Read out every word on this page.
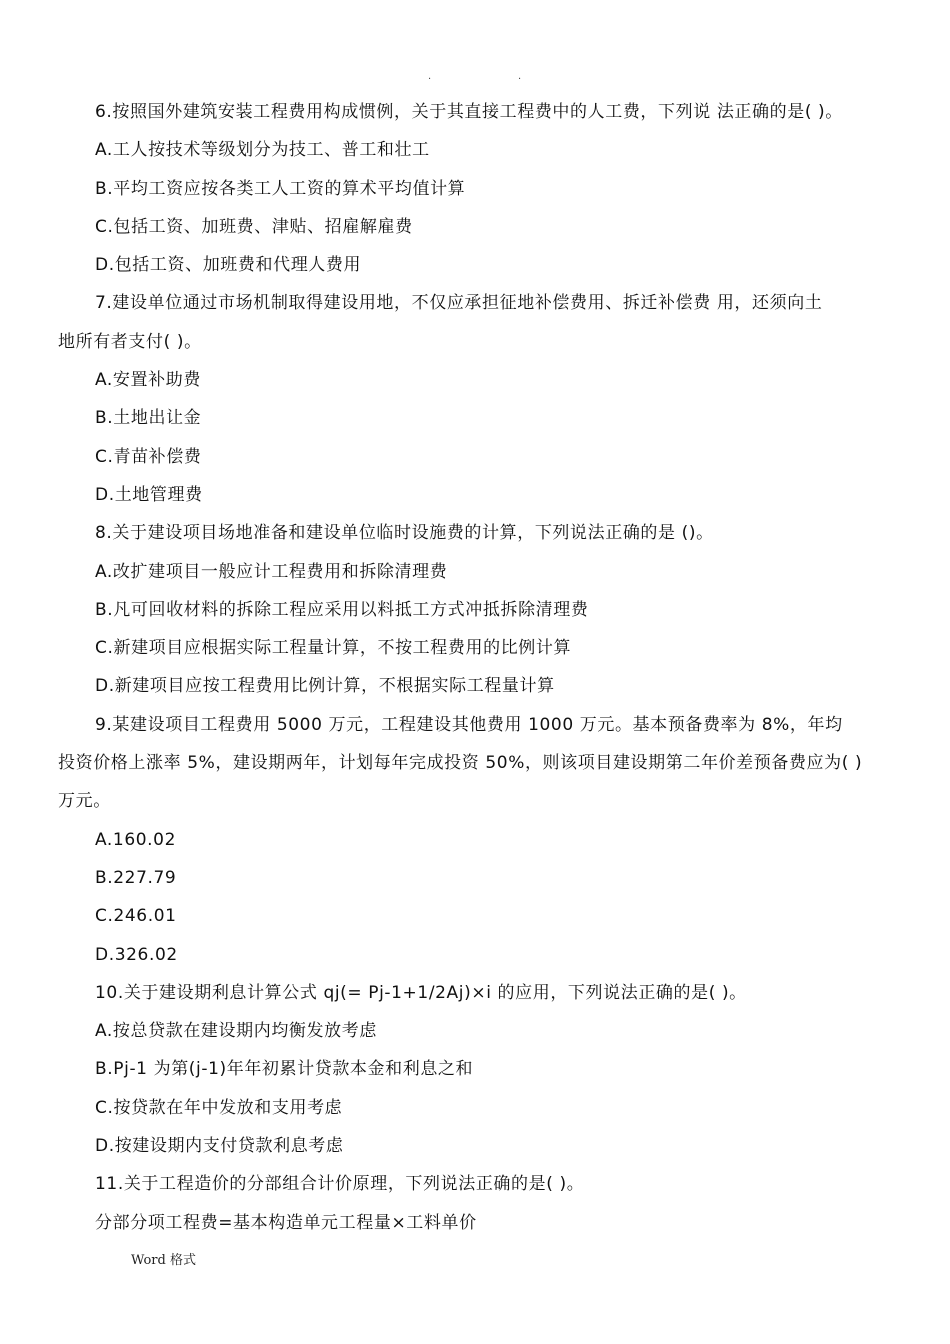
.	.
6.按照国外建筑安装工程费用构成惯例，关于其直接工程费中的人工费，下列说 法正确的是( )。
A.工人按技术等级划分为技工、普工和壮工
B.平均工资应按各类工人工资的算术平均值计算
C.包括工资、加班费、津贴、招雇解雇费
D.包括工资、加班费和代理人费用
7.建设单位通过市场机制取得建设用地，不仅应承担征地补偿费用、拆迁补偿费 用，还须向土
地所有者支付( )。
A.安置补助费
B.土地出让金
C.青苗补偿费
D.土地管理费
8.关于建设项目场地准备和建设单位临时设施费的计算，下列说法正确的是 ()。
A.改扩建项目一般应计工程费用和拆除清理费
B.凡可回收材料的拆除工程应采用以料抵工方式冲抵拆除清理费
C.新建项目应根据实际工程量计算，不按工程费用的比例计算
D.新建项目应按工程费用比例计算，不根据实际工程量计算
9.某建设项目工程费用 5000 万元，工程建设其他费用 1000 万元。基本预备费率为 8%，年均
投资价格上涨率 5%，建设期两年，计划每年完成投资 50%，则该项目建设期第二年价差预备费应为( )
万元。
A.160.02
B.227.79
C.246.01
D.326.02
10.关于建设期利息计算公式 qj(= Pj-1+1/2Aj)×i 的应用，下列说法正确的是( )。
A.按总贷款在建设期内均衡发放考虑
B.Pj-1 为第(j-1)年年初累计贷款本金和利息之和
C.按贷款在年中发放和支用考虑
D.按建设期内支付贷款利息考虑
11.关于工程造价的分部组合计价原理，下列说法正确的是( )。
分部分项工程费=基本构造单元工程量×工料单价
Word 格式
